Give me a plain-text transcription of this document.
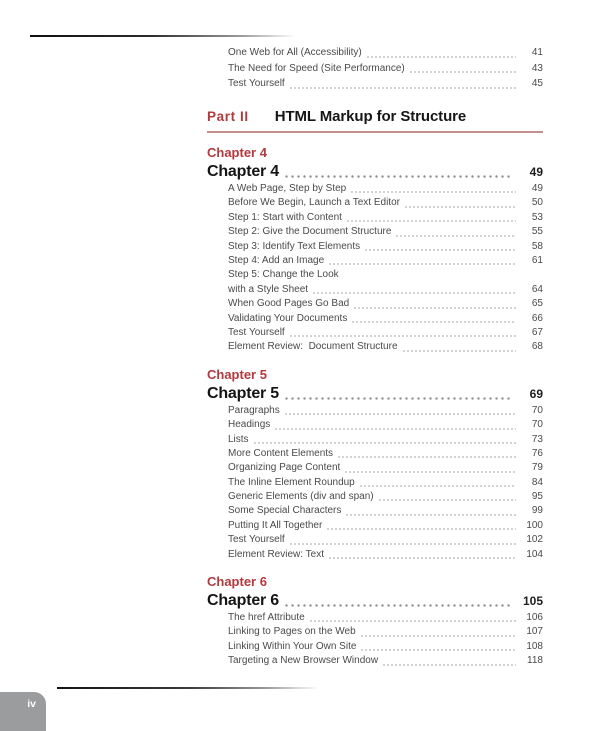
One Web for All (Accessibility)	41
The Need for Speed (Site Performance)	43
Test Yourself	45
Part II HTML Markup for Structure
Chapter 4
Chapter 4	49
A Web Page, Step by Step	49
Before We Begin, Launch a Text Editor	50
Step 1: Start with Content	53
Step 2: Give the Document Structure	55
Step 3: Identify Text Elements	58
Step 4: Add an Image	61
Step 5: Change the Look
with a Style Sheet	64
When Good Pages Go Bad	65
Validating Your Documents	66
Test Yourself	67
Element Review:  Document Structure	68
Chapter 5
Chapter 5	69
Paragraphs	70
Headings	70
Lists	73
More Content Elements	76
Organizing Page Content	79
The Inline Element Roundup	84
Generic Elements (div and span)	95
Some Special Characters	99
Putting It All Together	100
Test Yourself	102
Element Review: Text	104
Chapter 6
Chapter 6	105
The href Attribute	106
Linking to Pages on the Web	107
Linking Within Your Own Site	108
Targeting a New Browser Window	118
iv
